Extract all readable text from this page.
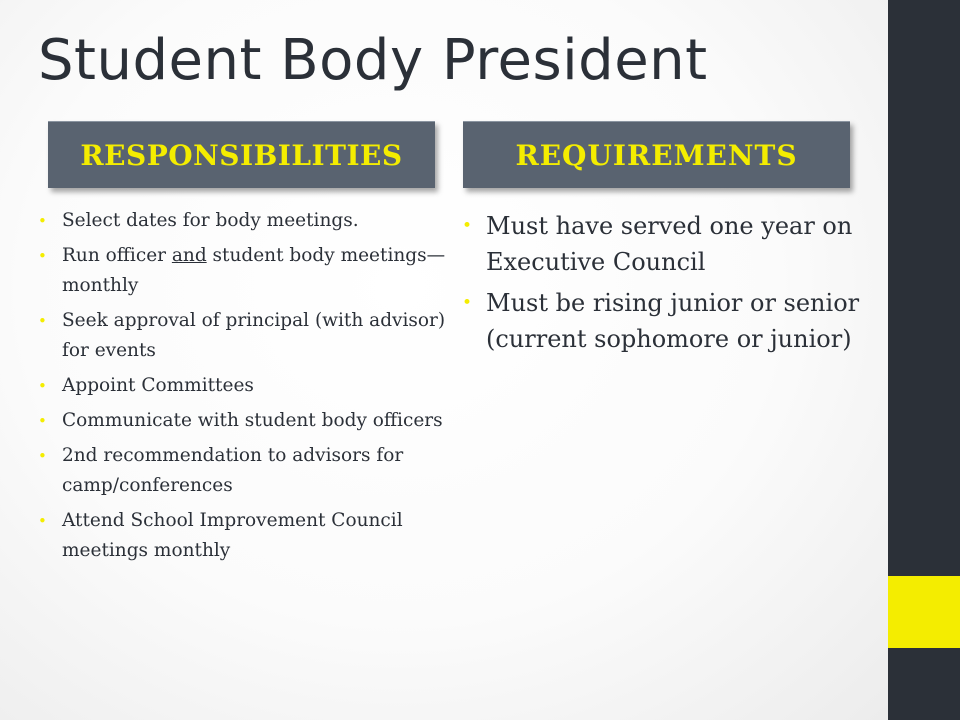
Student Body President
RESPONSIBILITIES	REQUIREMENTS
• Select dates for body meetings.
• Run officer and student body meetings—monthly
• Seek approval of principal (with advisor) for events
• Appoint Committees
• Communicate with student body officers
• 2nd recommendation to advisors for camp/conferences
• Attend School Improvement Council meetings monthly
• Must have served one year on Executive Council
• Must be rising junior or senior (current sophomore or junior)
